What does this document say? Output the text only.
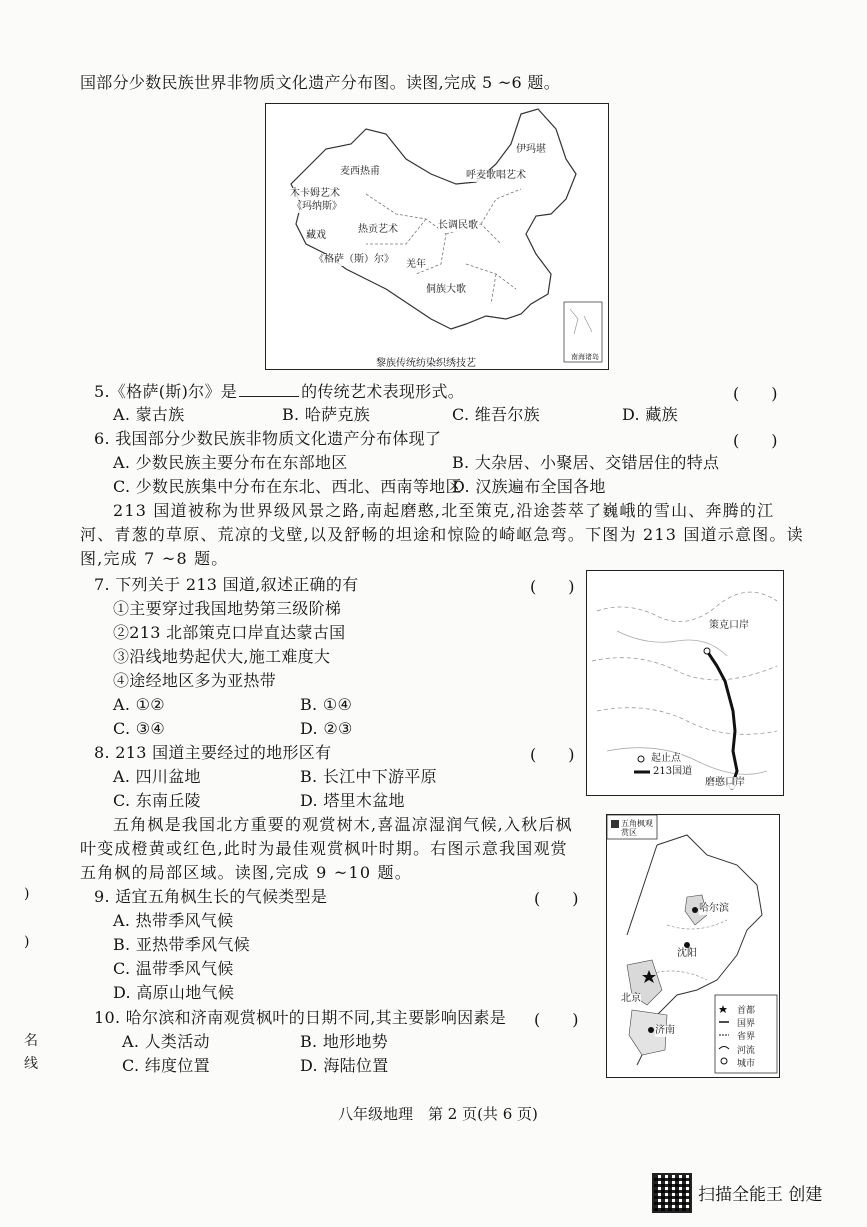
国部分少数民族世界非物质文化遗产分布图。读图,完成 5 ~6 题。
伊玛堪
麦西热甫	呼麦歌唱艺术
木卡姆艺术
《玛纳斯》
长调民歌
热贡艺术
藏戏
《格萨（斯）尔》 羌年
侗族大歌
南海诸岛
黎族传统纺染织绣技艺
5.《格萨(斯)尔》是	的传统艺术表现形式。	(　　)
A. 蒙古族	B. 哈萨克族	C. 维吾尔族	D. 藏族
6. 我国部分少数民族非物质文化遗产分布体现了	(　　)
A. 少数民族主要分布在东部地区	B. 大杂居、小聚居、交错居住的特点
C. 少数民族集中分布在东北、西北、西南等地区
D. 汉族遍布全国各地
213 国道被称为世界级风景之路,南起磨憨,北至策克,沿途荟萃了巍峨的雪山、奔腾的江
河、青葱的草原、荒凉的戈壁,以及舒畅的坦途和惊险的崎岖急弯。下图为 213 国道示意图。读
图,完成 7 ~8 题。
7. 下列关于 213 国道,叙述正确的有	(　　)
①主要穿过我国地势第三级阶梯
②213 北部策克口岸直达蒙古国
③沿线地势起伏大,施工难度大
④途经地区多为亚热带
A. ①②	B. ①④
C. ③④	D. ②③
策克口岸
磨憨口岸
起止点
213国道
8. 213 国道主要经过的地形区有	(　　)
A. 四川盆地	B. 长江中下游平原
C. 东南丘陵	D. 塔里木盆地
五角枫是我国北方重要的观赏树木,喜温凉湿润气候,入秋后枫
叶变成橙黄或红色,此时为最佳观赏枫叶时期。右图示意我国观赏
五角枫的局部区域。读图,完成 9 ~10 题。
五角枫观赏区
哈尔滨
沈阳
北京
济南
首都
国界
省界
河流
城市
9. 适宜五角枫生长的气候类型是	(　　)
A. 热带季风气候
B. 亚热带季风气候
C. 温带季风气候
D. 高原山地气候
10. 哈尔滨和济南观赏枫叶的日期不同,其主要影响因素是 (　　)
A. 人类活动	B. 地形地势
C. 纬度位置	D. 海陆位置
)
)
名
线
八年级地理　第 2 页(共 6 页)
扫描全能王 创建
